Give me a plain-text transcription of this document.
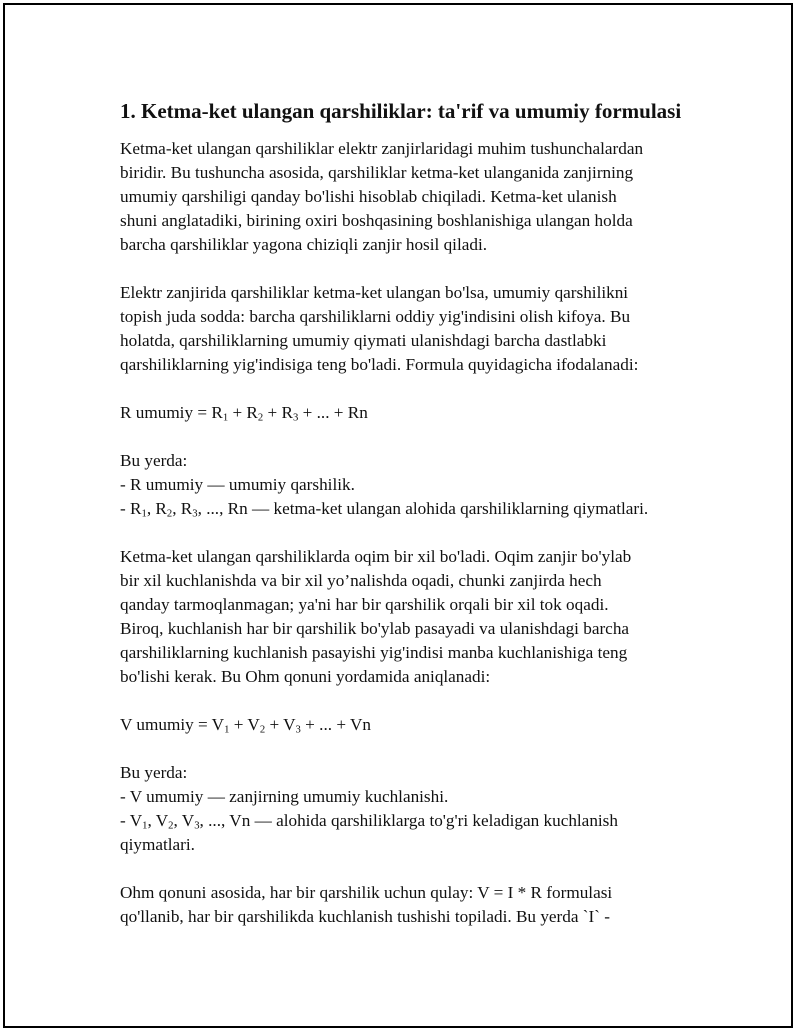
1. Ketma-ket ulangan qarshiliklar: ta'rif va umumiy formulasi

Ketma-ket ulangan qarshiliklar elektr zanjirlaridagi muhim tushunchalardan
biridir. Bu tushuncha asosida, qarshiliklar ketma-ket ulanganida zanjirning
umumiy qarshiligi qanday bo'lishi hisoblab chiqiladi. Ketma-ket ulanish
shuni anglatadiki, birining oxiri boshqasining boshlanishiga ulangan holda
barcha qarshiliklar yagona chiziqli zanjir hosil qiladi.

Elektr zanjirida qarshiliklar ketma-ket ulangan bo'lsa, umumiy qarshilikni
topish juda sodda: barcha qarshiliklarni oddiy yig'indisini olish kifoya. Bu
holatda, qarshiliklarning umumiy qiymati ulanishdagi barcha dastlabki
qarshiliklarning yig'indisiga teng bo'ladi. Formula quyidagicha ifodalanadi:

R umumiy = $R_1 + R_2 + R_3$ + ... + Rn

Bu yerda:
- R umumiy — umumiy qarshilik.
- $R_1$, $R_2$, $R_3$, ..., Rn — ketma-ket ulangan alohida qarshiliklarning qiymatlari.

Ketma-ket ulangan qarshiliklarda oqim bir xil bo'ladi. Oqim zanjir bo'ylab
bir xil kuchlanishda va bir xil yo’nalishda oqadi, chunki zanjirda hech
qanday tarmoqlanmagan; ya'ni har bir qarshilik orqali bir xil tok oqadi.
Biroq, kuchlanish har bir qarshilik bo'ylab pasayadi va ulanishdagi barcha
qarshiliklarning kuchlanish pasayishi yig'indisi manba kuchlanishiga teng
bo'lishi kerak. Bu Ohm qonuni yordamida aniqlanadi:

V umumiy = $V_1 + V_2 + V_3$ + ... + Vn

Bu yerda:
- V umumiy — zanjirning umumiy kuchlanishi.
- $V_1$, $V_2$, $V_3$, ..., Vn — alohida qarshiliklarga to'g'ri keladigan kuchlanish
qiymatlari.

Ohm qonuni asosida, har bir qarshilik uchun qulay: V = I * R formulasi
qo'llanib, har bir qarshilikda kuchlanish tushishi topiladi. Bu yerda `I` -
